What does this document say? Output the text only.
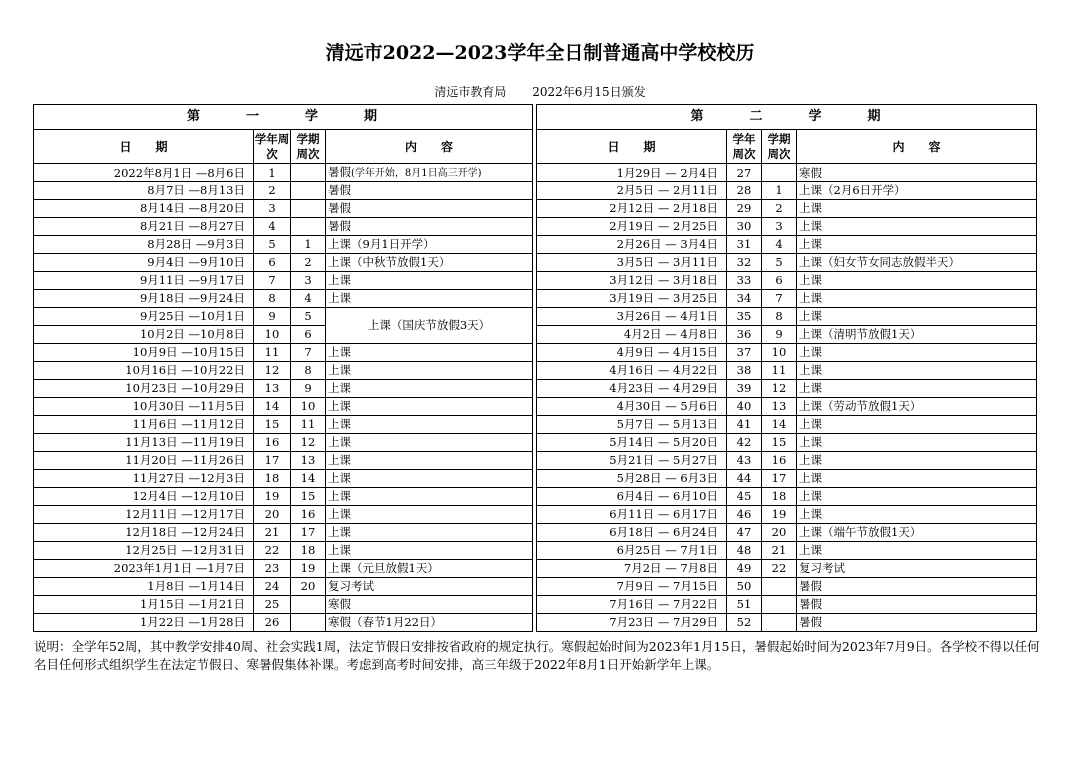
清远市2022—2023学年全日制普通高中学校校历
清远市教育局 2022年6月15日颁发
第一学期			
日　　期	学年周次	学期周次	内　　容
2022年8月1日 —8月6日	1		暑假(学年开始，8月1日高三开学)
8月7日 —8月13日	2		暑假
8月14日 —8月20日	3		暑假
8月21日 —8月27日	4		暑假
8月28日 —9月3日	5	1	上课（9月1日开学）
9月4日 —9月10日	6	2	上课（中秋节放假1天）
9月11日 —9月17日	7	3	上课
9月18日 —9月24日	8	4	上课
9月25日 —10月1日	9	5	上课（国庆节放假3天）
10月2日 —10月8日	10	6	
10月9日 —10月15日	11	7	上课
10月16日 —10月22日	12	8	上课
10月23日 —10月29日	13	9	上课
10月30日 —11月5日	14	10	上课
11月6日 —11月12日	15	11	上课
11月13日 —11月19日	16	12	上课
11月20日 —11月26日	17	13	上课
11月27日 —12月3日	18	14	上课
12月4日 —12月10日	19	15	上课
12月11日 —12月17日	20	16	上课
12月18日 —12月24日	21	17	上课
12月25日 —12月31日	22	18	上课
2023年1月1日 —1月7日	23	19	上课（元旦放假1天）
1月8日 —1月14日	24	20	复习考试
1月15日 —1月21日	25		寒假
1月22日 —1月28日	26		寒假（春节1月22日）
第二学期			
日　　期	学年周次	学期周次	内　　容
1月29日 — 2月4日	27		寒假
2月5日 — 2月11日	28	1	上课（2月6日开学）
2月12日 — 2月18日	29	2	上课
2月19日 — 2月25日	30	3	上课
2月26日 — 3月4日	31	4	上课
3月5日 — 3月11日	32	5	上课（妇女节女同志放假半天）
3月12日 — 3月18日	33	6	上课
3月19日 — 3月25日	34	7	上课
3月26日 — 4月1日	35	8	上课
4月2日 — 4月8日	36	9	上课（清明节放假1天）
4月9日 — 4月15日	37	10	上课
4月16日 — 4月22日	38	11	上课
4月23日 — 4月29日	39	12	上课
4月30日 — 5月6日	40	13	上课（劳动节放假1天）
5月7日 — 5月13日	41	14	上课
5月14日 — 5月20日	42	15	上课
5月21日 — 5月27日	43	16	上课
5月28日 — 6月3日	44	17	上课
6月4日 — 6月10日	45	18	上课
6月11日 — 6月17日	46	19	上课
6月18日 — 6月24日	47	20	上课（端午节放假1天）
6月25日 — 7月1日	48	21	上课
7月2日 — 7月8日	49	22	复习考试
7月9日 — 7月15日	50		暑假
7月16日 — 7月22日	51		暑假
7月23日 — 7月29日	52		暑假
说明：全学年52周，其中教学安排40周、社会实践1周，法定节假日安排按省政府的规定执行。寒假起始时间为2023年1月15日，暑假起始时间为2023年7月9日。各学校不得以任何名目任何形式组织学生在法定节假日、寒暑假集体补课。考虑到高考时间安排，高三年级于2022年8月1日开始新学年上课。
